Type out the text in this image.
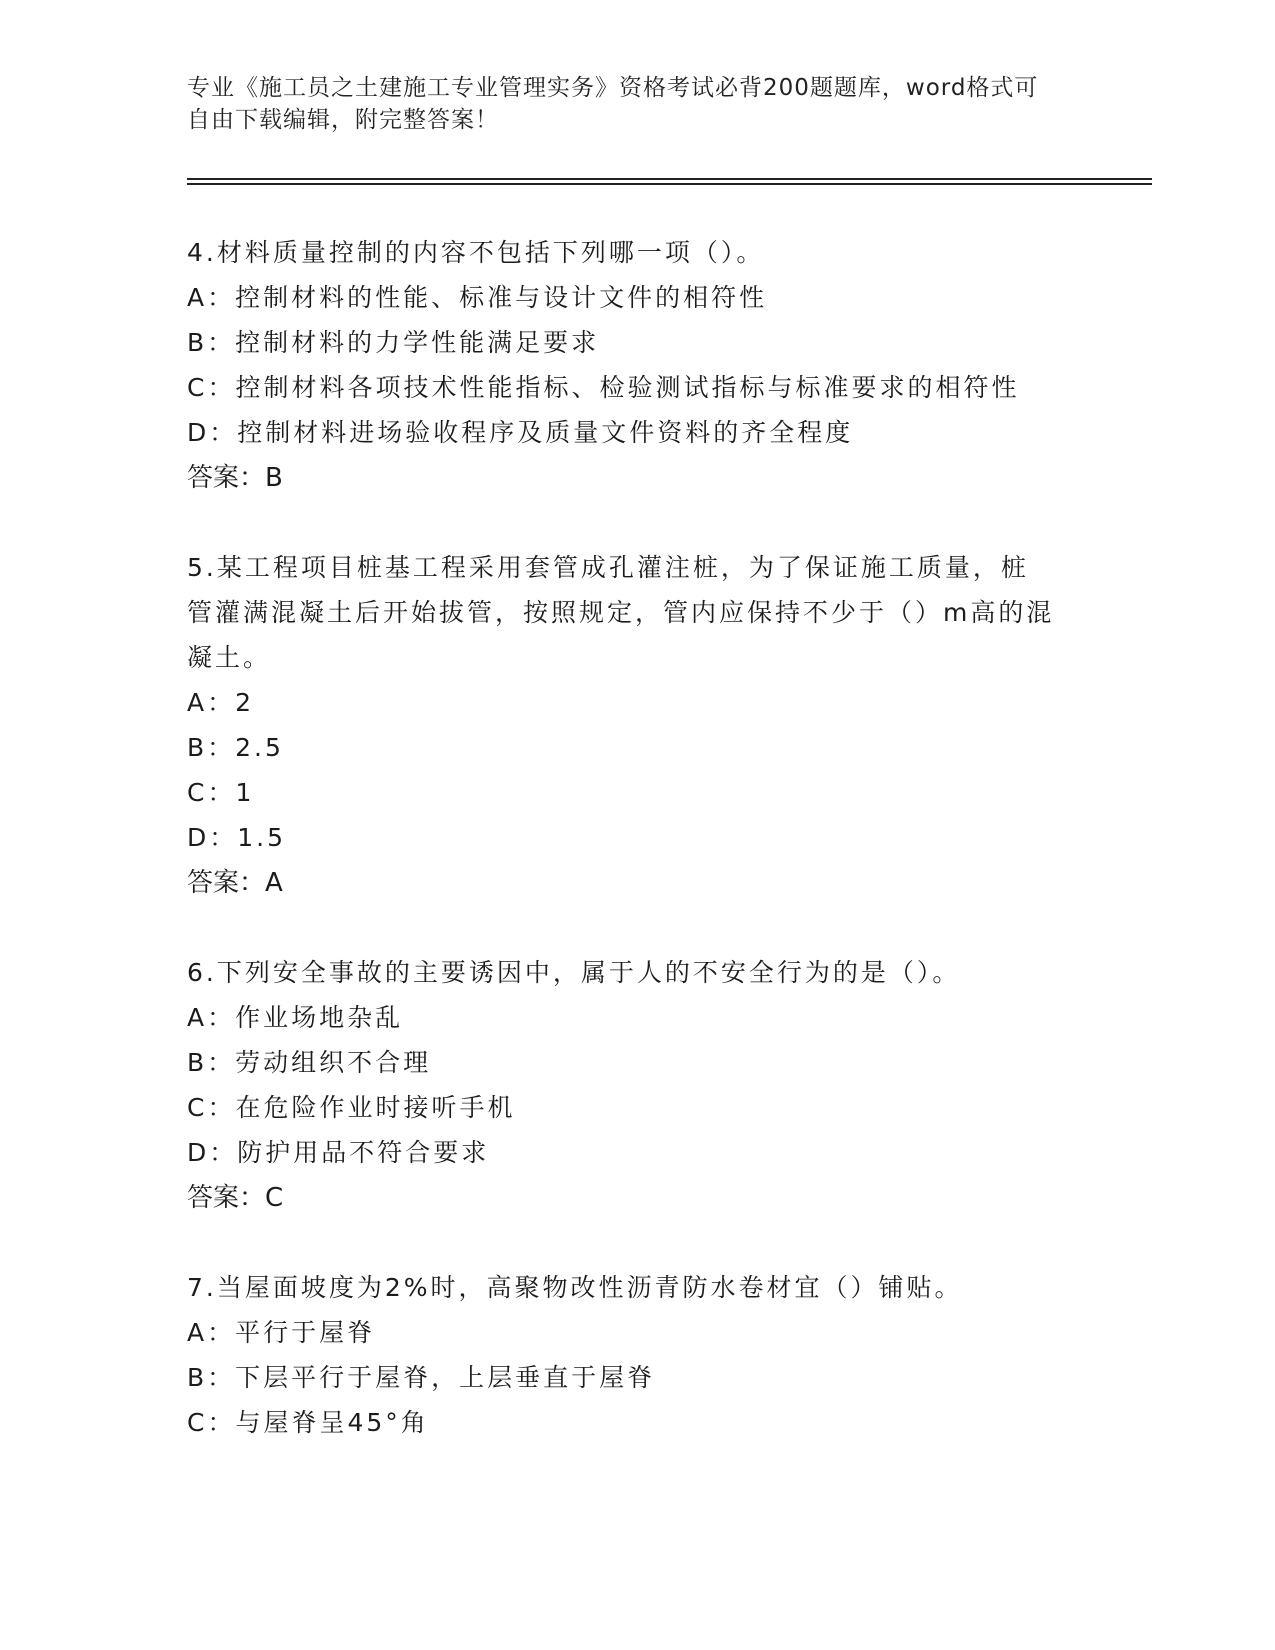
专业《施工员之土建施工专业管理实务》资格考试必背200题题库，word格式可
自由下载编辑，附完整答案！
4.材料质量控制的内容不包括下列哪一项（）。
A：控制材料的性能、标准与设计文件的相符性
B：控制材料的力学性能满足要求
C：控制材料各项技术性能指标、检验测试指标与标准要求的相符性
D：控制材料进场验收程序及质量文件资料的齐全程度
答案：B
5.某工程项目桩基工程采用套管成孔灌注桩，为了保证施工质量，桩
管灌满混凝土后开始拔管，按照规定，管内应保持不少于（）m高的混
凝土。
A：2
B：2.5
C：1
D：1.5
答案：A
6.下列安全事故的主要诱因中，属于人的不安全行为的是（）。
A：作业场地杂乱
B：劳动组织不合理
C：在危险作业时接听手机
D：防护用品不符合要求
答案：C
7.当屋面坡度为2%时，高聚物改性沥青防水卷材宜（）铺贴。
A：平行于屋脊
B：下层平行于屋脊，上层垂直于屋脊
C：与屋脊呈45°角
